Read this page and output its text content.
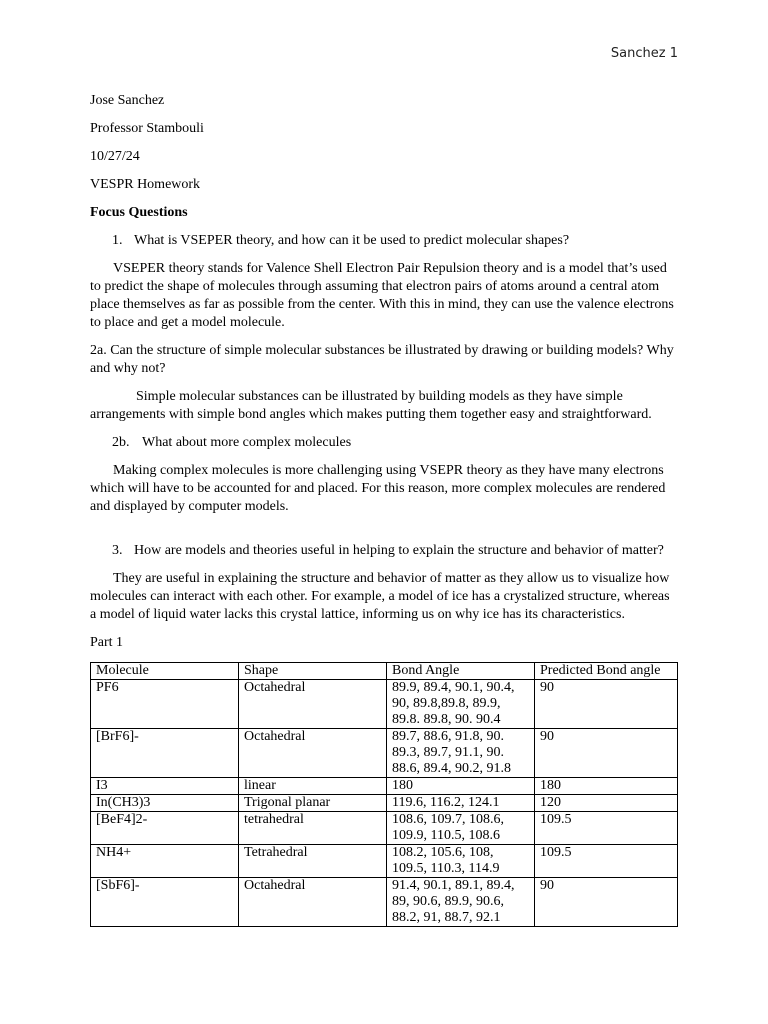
Sanchez 1

Jose Sanchez

Professor Stambouli

10/27/24

VESPR Homework

Focus Questions

1. What is VSEPER theory, and how can it be used to predict molecular shapes?

VSEPER theory stands for Valence Shell Electron Pair Repulsion theory and is a model that’s used to predict the shape of molecules through assuming that electron pairs of atoms around a central atom place themselves as far as possible from the center. With this in mind, they can use the valence electrons to place and get a model molecule.

2a. Can the structure of simple molecular substances be illustrated by drawing or building models? Why and why not?

Simple molecular substances can be illustrated by building models as they have simple arrangements with simple bond angles which makes putting them together easy and straightforward.

2b. What about more complex molecules

Making complex molecules is more challenging using VSEPR theory as they have many electrons which will have to be accounted for and placed. For this reason, more complex molecules are rendered and displayed by computer models.

3. How are models and theories useful in helping to explain the structure and behavior of matter?

They are useful in explaining the structure and behavior of matter as they allow us to visualize how molecules can interact with each other. For example, a model of ice has a crystalized structure, whereas a model of liquid water lacks this crystal lattice, informing us on why ice has its characteristics.

Part 1

Molecule	Shape	Bond Angle	Predicted Bond angle
PF6	Octahedral	89.9, 89.4, 90.1, 90.4, 90, 89.8,89.8, 89.9, 89.8. 89.8, 90. 90.4	90
[BrF6]-	Octahedral	89.7, 88.6, 91.8, 90. 89.3, 89.7, 91.1, 90. 88.6, 89.4, 90.2, 91.8	90
I3	linear	180	180
In(CH3)3	Trigonal planar	119.6, 116.2, 124.1	120
[BeF4]2-	tetrahedral	108.6, 109.7, 108.6, 109.9, 110.5, 108.6	109.5
NH4+	Tetrahedral	108.2, 105.6, 108, 109.5, 110.3, 114.9	109.5
[SbF6]-	Octahedral	91.4, 90.1, 89.1, 89.4, 89, 90.6, 89.9, 90.6, 88.2, 91, 88.7, 92.1	90
